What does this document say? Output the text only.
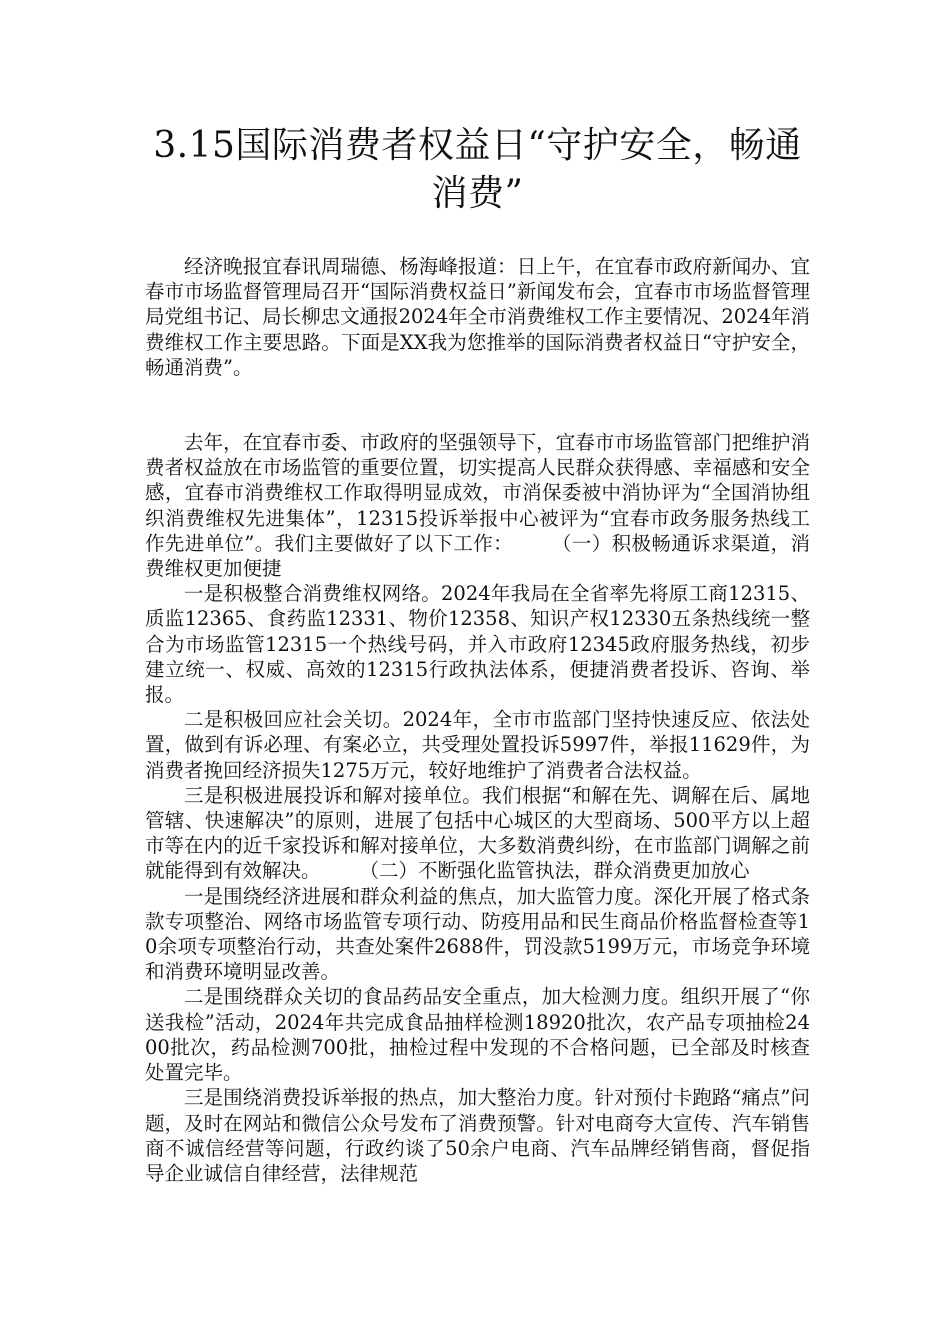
3.15国际消费者权益日“守护安全，畅通消费”

经济晚报宜春讯周瑞德、杨海峰报道：日上午，在宜春市政府新闻办、宜春市市场监督管理局召开“国际消费权益日”新闻发布会，宜春市市场监督管理局党组书记、局长柳忠文通报2024年全市消费维权工作主要情况、2024年消费维权工作主要思路。下面是XX我为您推举的国际消费者权益日“守护安全，畅通消费”。

去年，在宜春市委、市政府的坚强领导下，宜春市市场监管部门把维护消费者权益放在市场监管的重要位置，切实提高人民群众获得感、幸福感和安全感，宜春市消费维权工作取得明显成效，市消保委被中消协评为“全国消协组织消费维权先进集体”，12315投诉举报中心被评为“宜春市政务服务热线工作先进单位”。我们主要做好了以下工作：	（一）积极畅通诉求渠道，消费维权更加便捷

一是积极整合消费维权网络。2024年我局在全省率先将原工商12315、质监12365、食药监12331、物价12358、知识产权12330五条热线统一整合为市场监管12315一个热线号码，并入市政府12345政府服务热线，初步建立统一、权威、高效的12315行政执法体系，便捷消费者投诉、咨询、举报。

二是积极回应社会关切。2024年，全市市监部门坚持快速反应、依法处置，做到有诉必理、有案必立，共受理处置投诉5997件，举报11629件，为消费者挽回经济损失1275万元，较好地维护了消费者合法权益。

三是积极进展投诉和解对接单位。我们根据“和解在先、调解在后、属地管辖、快速解决”的原则，进展了包括中心城区的大型商场、500平方以上超市等在内的近千家投诉和解对接单位，大多数消费纠纷，在市监部门调解之前就能得到有效解决。	（二）不断强化监管执法，群众消费更加放心

一是围绕经济进展和群众利益的焦点，加大监管力度。深化开展了格式条款专项整治、网络市场监管专项行动、防疫用品和民生商品价格监督检查等10余项专项整治行动，共查处案件2688件，罚没款5199万元，市场竞争环境和消费环境明显改善。

二是围绕群众关切的食品药品安全重点，加大检测力度。组织开展了“你送我检”活动，2024年共完成食品抽样检测18920批次，农产品专项抽检2400批次，药品检测700批，抽检过程中发现的不合格问题，已全部及时核查处置完毕。

三是围绕消费投诉举报的热点，加大整治力度。针对预付卡跑路“痛点”问题，及时在网站和微信公众号发布了消费预警。针对电商夸大宣传、汽车销售商不诚信经营等问题，行政约谈了50余户电商、汽车品牌经销售商，督促指导企业诚信自律经营，法律规范
